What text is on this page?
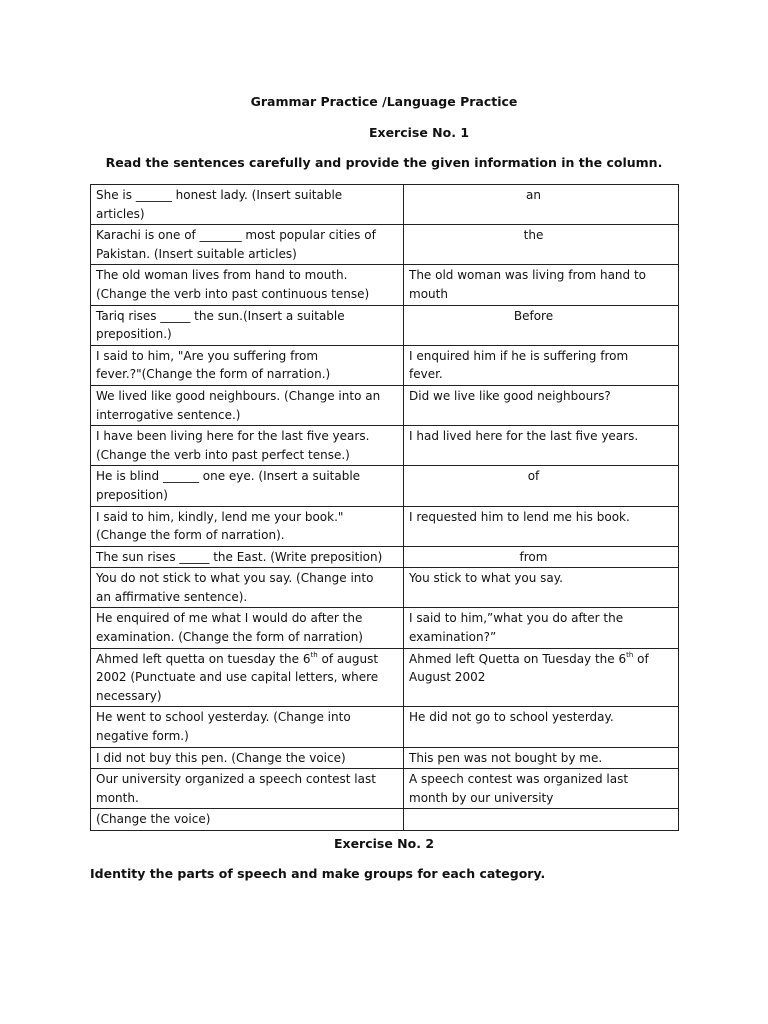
Grammar Practice /Language Practice
Exercise No. 1
Read the sentences carefully and provide the given information in the column.
She is ______ honest lady. (Insert suitable
articles)	an

Karachi is one of _______ most popular cities of
Pakistan. (Insert suitable articles)	the

The old woman lives from hand to mouth.
(Change the verb into past continuous tense)	The old woman was living from hand to
mouth

Tariq rises _____ the sun.(Insert a suitable
preposition.)	Before

I said to him, "Are you suffering from
fever.?"(Change the form of narration.)	I enquired him if he is suffering from
fever.

We lived like good neighbours. (Change into an
interrogative sentence.)	Did we live like good neighbours?

I have been living here for the last five years.
(Change the verb into past perfect tense.)	I had lived here for the last five years.

He is blind ______ one eye. (Insert a suitable
preposition)	of

I said to him, kindly, lend me your book."
(Change the form of narration).	I requested him to lend me his book.

The sun rises _____ the East. (Write preposition)	from

You do not stick to what you say. (Change into
an affirmative sentence).	You stick to what you say.

He enquired of me what I would do after the
examination. (Change the form of narration)	I said to him,”what you do after the
examination?”

Ahmed left quetta on tuesday the 6th of august
2002 (Punctuate and use capital letters, where
necessary)	Ahmed left Quetta on Tuesday the 6th of
August 2002

He went to school yesterday. (Change into
negative form.)	He did not go to school yesterday.

I did not buy this pen. (Change the voice)	This pen was not bought by me.

Our university organized a speech contest last
month.	A speech contest was organized last
month by our university

(Change the voice)	

Exercise No. 2
Identity the parts of speech and make groups for each category.
